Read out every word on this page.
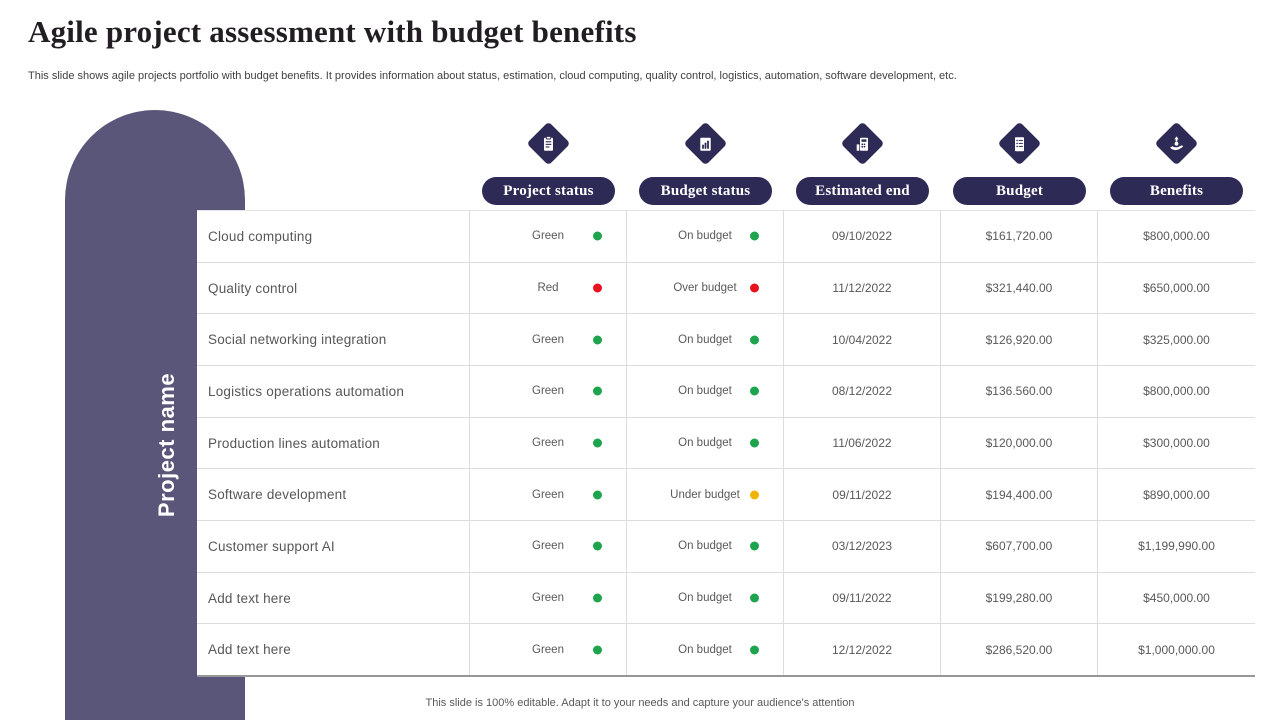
Agile project assessment with budget benefits
This slide shows agile projects portfolio with budget benefits. It provides information about status, estimation, cloud computing, quality control, logistics, automation, software development, etc.
Project name
Project status	Budget status	Estimated end	Budget	Benefits
Cloud computing	Green	On budget	09/10/2022	$161,720.00	$800,000.00
Quality control	Red	Over budget	11/12/2022	$321,440.00	$650,000.00
Social networking integration	Green	On budget	10/04/2022	$126,920.00	$325,000.00
Logistics operations automation	Green	On budget	08/12/2022	$136.560.00	$800,000.00
Production lines automation	Green	On budget	11/06/2022	$120,000.00	$300,000.00
Software development	Green	Under budget	09/11/2022	$194,400.00	$890,000.00
Customer support AI	Green	On budget	03/12/2023	$607,700.00	$1,199,990.00
Add text here	Green	On budget	09/11/2022	$199,280.00	$450,000.00
Add text here	Green	On budget	12/12/2022	$286,520.00	$1,000,000.00
This slide is 100% editable. Adapt it to your needs and capture your audience's attention
